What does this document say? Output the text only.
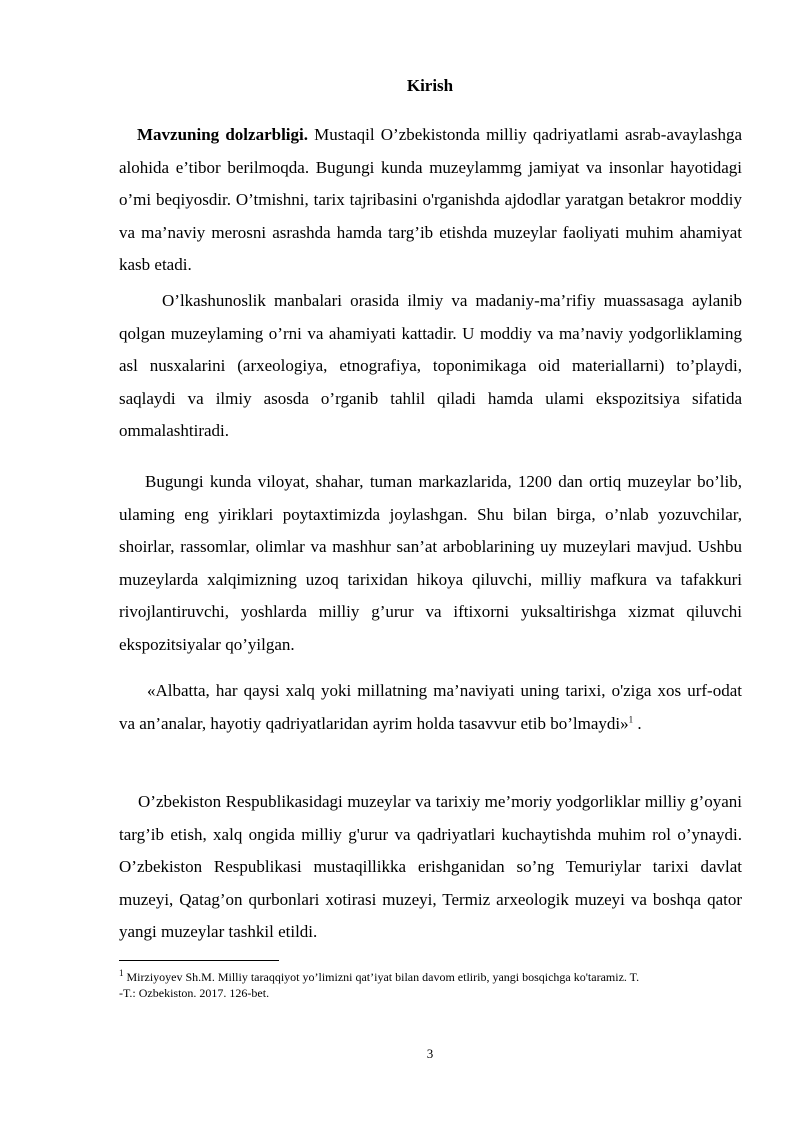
Kirish

Mavzuning dolzarbligi. Mustaqil O’zbekistonda milliy qadriyatlami asrab-avaylashga alohida e’tibor berilmoqda. Bugungi kunda muzeylammg jamiyat va insonlar hayotidagi o’mi beqiyosdir. O’tmishni, tarix tajribasini o'rganishda ajdodlar yaratgan betakror moddiy va ma’naviy merosni asrashda hamda targ’ib etishda muzeylar faoliyati muhim ahamiyat kasb etadi.

O’lkashunoslik manbalari orasida ilmiy va madaniy-ma’rifiy muassasaga aylanib qolgan muzeylaming o’rni va ahamiyati kattadir. U moddiy va ma’naviy yodgorliklaming asl nusxalarini (arxeologiya, etnografiya, toponimikaga oid materiallarni) to’playdi, saqlaydi va ilmiy asosda o’rganib tahlil qiladi hamda ulami ekspozitsiya sifatida ommalashtiradi.

Bugungi kunda viloyat, shahar, tuman markazlarida, 1200 dan ortiq muzeylar bo’lib, ulaming eng yiriklari poytaxtimizda joylashgan. Shu bilan birga, o’nlab yozuvchilar, shoirlar, rassomlar, olimlar va mashhur san’at arboblarining uy muzeylari mavjud. Ushbu muzeylarda xalqimizning uzoq tarixidan hikoya qiluvchi, milliy mafkura va tafakkuri rivojlantiruvchi, yoshlarda milliy g’urur va iftixorni yuksaltirishga xizmat qiluvchi ekspozitsiyalar qo’yilgan.

«Albatta, har qaysi xalq yoki millatning ma’naviyati uning tarixi, o'ziga xos urf-odat va an’analar, hayotiy qadriyatlaridan ayrim holda tasavvur etib bo’lmaydi»$^1$ .

O’zbekiston Respublikasidagi muzeylar va tarixiy me’moriy yodgorliklar milliy g’oyani targ’ib etish, xalq ongida milliy g'urur va qadriyatlari kuchaytishda muhim rol o’ynaydi. O’zbekiston Respublikasi mustaqillikka erishganidan so’ng Temuriylar tarixi davlat muzeyi, Qatag’on qurbonlari xotirasi muzeyi, Termiz arxeologik muzeyi va boshqa qator yangi muzeylar tashkil etildi.

$^1$ Mirziyoyev Sh.M. Milliy taraqqiyot yo’limizni qat’iyat bilan davom etlirib, yangi bosqichga ko'taramiz. T.
-T.: Ozbekiston. 2017. 126-bet.

3
